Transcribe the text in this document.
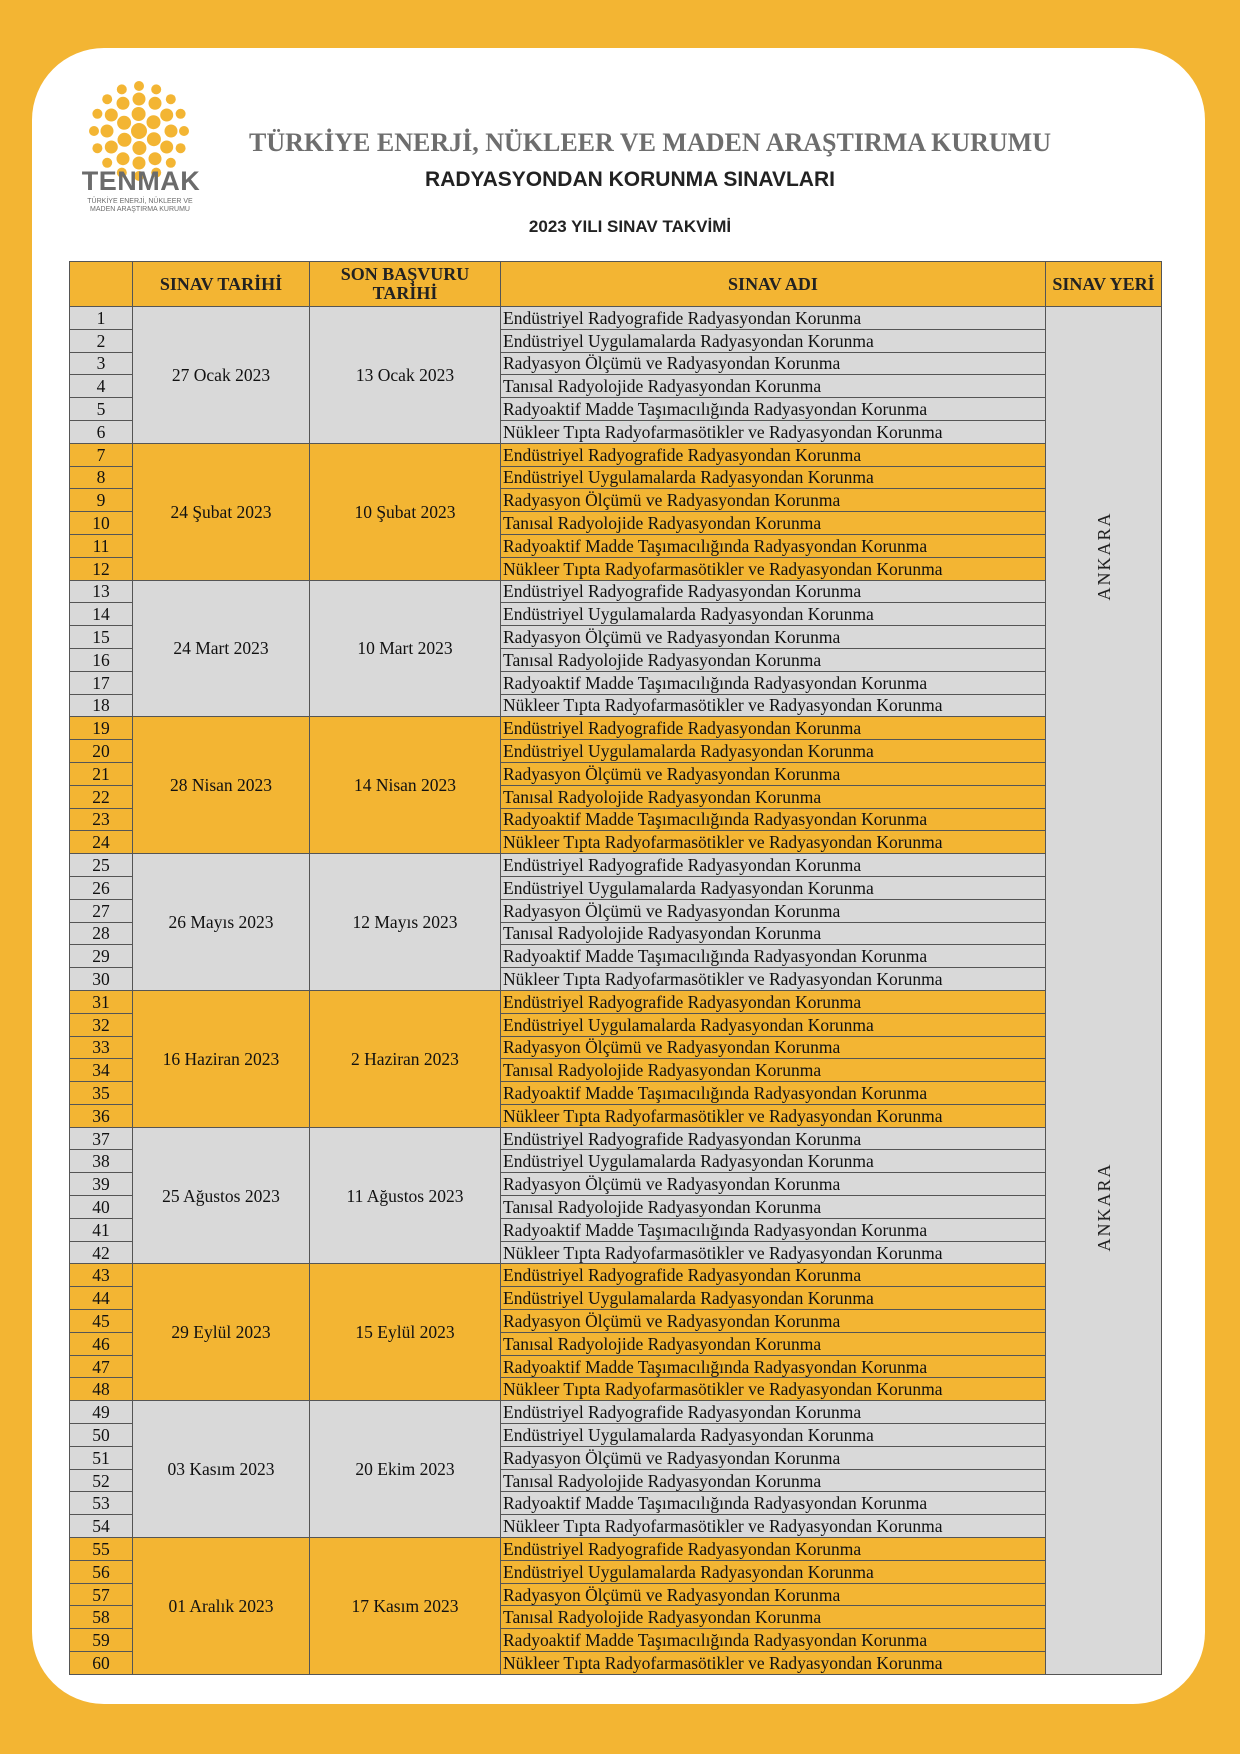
TENMAK
TÜRKİYE ENERJİ, NÜKLEER VE MADEN ARAŞTIRMA KURUMU
TÜRKİYE ENERJİ, NÜKLEER VE MADEN ARAŞTIRMA KURUMU
RADYASYONDAN KORUNMA SINAVLARI
2023 YILI SINAV TAKVİMİ
	SINAV TARİHİ	SON BAŞVURU TARİHİ	SINAV ADI	SINAV YERİ
1	27 Ocak 2023	13 Ocak 2023	Endüstriyel Radyografide Radyasyondan Korunma	ANKARA
ANKARA

2			Endüstriyel Uygulamalarda Radyasyondan Korunma	
3			Radyasyon Ölçümü ve Radyasyondan Korunma	
4			Tanısal Radyolojide Radyasyondan Korunma	
5			Radyoaktif Madde Taşımacılığında Radyasyondan Korunma	
6			Nükleer Tıpta Radyofarmasötikler ve Radyasyondan Korunma	
7	24 Şubat 2023	10 Şubat 2023	Endüstriyel Radyografide Radyasyondan Korunma	
8			Endüstriyel Uygulamalarda Radyasyondan Korunma	
9			Radyasyon Ölçümü ve Radyasyondan Korunma	
10			Tanısal Radyolojide Radyasyondan Korunma	
11			Radyoaktif Madde Taşımacılığında Radyasyondan Korunma	
12			Nükleer Tıpta Radyofarmasötikler ve Radyasyondan Korunma	
13	24 Mart 2023	10 Mart 2023	Endüstriyel Radyografide Radyasyondan Korunma	
14			Endüstriyel Uygulamalarda Radyasyondan Korunma	
15			Radyasyon Ölçümü ve Radyasyondan Korunma	
16			Tanısal Radyolojide Radyasyondan Korunma	
17			Radyoaktif Madde Taşımacılığında Radyasyondan Korunma	
18			Nükleer Tıpta Radyofarmasötikler ve Radyasyondan Korunma	
19	28 Nisan 2023	14 Nisan 2023	Endüstriyel Radyografide Radyasyondan Korunma	
20			Endüstriyel Uygulamalarda Radyasyondan Korunma	
21			Radyasyon Ölçümü ve Radyasyondan Korunma	
22			Tanısal Radyolojide Radyasyondan Korunma	
23			Radyoaktif Madde Taşımacılığında Radyasyondan Korunma	
24			Nükleer Tıpta Radyofarmasötikler ve Radyasyondan Korunma	
25	26 Mayıs 2023	12 Mayıs 2023	Endüstriyel Radyografide Radyasyondan Korunma	
26			Endüstriyel Uygulamalarda Radyasyondan Korunma	
27			Radyasyon Ölçümü ve Radyasyondan Korunma	
28			Tanısal Radyolojide Radyasyondan Korunma	
29			Radyoaktif Madde Taşımacılığında Radyasyondan Korunma	
30			Nükleer Tıpta Radyofarmasötikler ve Radyasyondan Korunma	
31	16 Haziran 2023	2 Haziran 2023	Endüstriyel Radyografide Radyasyondan Korunma	
32			Endüstriyel Uygulamalarda Radyasyondan Korunma	
33			Radyasyon Ölçümü ve Radyasyondan Korunma	
34			Tanısal Radyolojide Radyasyondan Korunma	
35			Radyoaktif Madde Taşımacılığında Radyasyondan Korunma	
36			Nükleer Tıpta Radyofarmasötikler ve Radyasyondan Korunma	
37	25 Ağustos 2023	11 Ağustos 2023	Endüstriyel Radyografide Radyasyondan Korunma	
38			Endüstriyel Uygulamalarda Radyasyondan Korunma	
39			Radyasyon Ölçümü ve Radyasyondan Korunma	
40			Tanısal Radyolojide Radyasyondan Korunma	
41			Radyoaktif Madde Taşımacılığında Radyasyondan Korunma	
42			Nükleer Tıpta Radyofarmasötikler ve Radyasyondan Korunma	
43	29 Eylül 2023	15 Eylül 2023	Endüstriyel Radyografide Radyasyondan Korunma	
44			Endüstriyel Uygulamalarda Radyasyondan Korunma	
45			Radyasyon Ölçümü ve Radyasyondan Korunma	
46			Tanısal Radyolojide Radyasyondan Korunma	
47			Radyoaktif Madde Taşımacılığında Radyasyondan Korunma	
48			Nükleer Tıpta Radyofarmasötikler ve Radyasyondan Korunma	
49	03 Kasım 2023	20 Ekim 2023	Endüstriyel Radyografide Radyasyondan Korunma	
50			Endüstriyel Uygulamalarda Radyasyondan Korunma	
51			Radyasyon Ölçümü ve Radyasyondan Korunma	
52			Tanısal Radyolojide Radyasyondan Korunma	
53			Radyoaktif Madde Taşımacılığında Radyasyondan Korunma	
54			Nükleer Tıpta Radyofarmasötikler ve Radyasyondan Korunma	
55	01 Aralık 2023	17 Kasım 2023	Endüstriyel Radyografide Radyasyondan Korunma	
56			Endüstriyel Uygulamalarda Radyasyondan Korunma	
57			Radyasyon Ölçümü ve Radyasyondan Korunma	
58			Tanısal Radyolojide Radyasyondan Korunma	
59			Radyoaktif Madde Taşımacılığında Radyasyondan Korunma	
60			Nükleer Tıpta Radyofarmasötikler ve Radyasyondan Korunma	
